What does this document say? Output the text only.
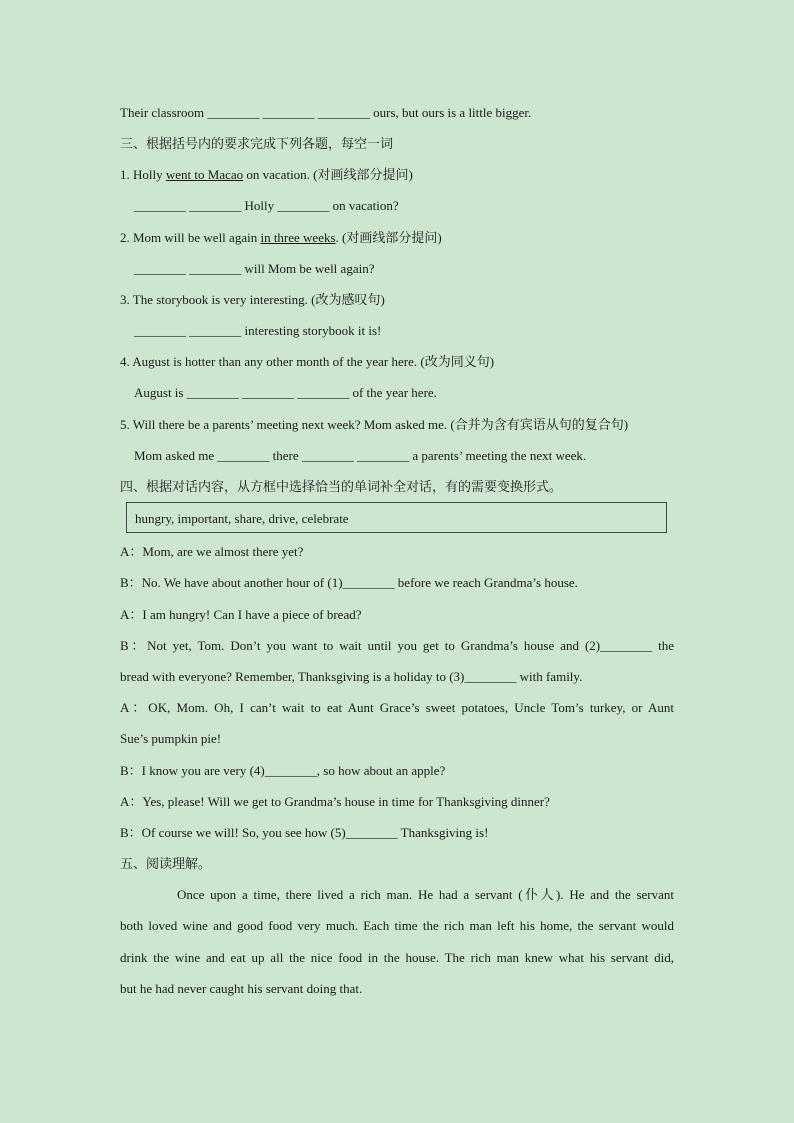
Their classroom ________ ________ ________ ours, but ours is a little bigger.
三、根据括号内的要求完成下列各题，每空一词
1. Holly went to Macao on vacation. (对画线部分提问)
________ ________ Holly ________ on vacation?
2. Mom will be well again in three weeks. (对画线部分提问)
________ ________ will Mom be well again?
3. The storybook is very interesting. (改为感叹句)
________ ________ interesting storybook it is!
4. August is hotter than any other month of the year here. (改为同义句)
August is ________ ________ ________ of the year here.
5. Will there be a parents’ meeting next week? Mom asked me. (合并为含有宾语从句的复合句)
Mom asked me ________ there ________ ________ a parents’ meeting the next week.
四、根据对话内容，从方框中选择恰当的单词补全对话，有的需要变换形式。
hungry, important, share, drive, celebrate
A：Mom, are we almost there yet?
B：No. We have about another hour of (1)________ before we reach Grandma’s house.
A：I am hungry! Can I have a piece of bread?
B：Not yet, Tom. Don’t you want to wait until you get to Grandma’s house and (2)________ the
bread with everyone? Remember, Thanksgiving is a holiday to (3)________ with family.
A：OK, Mom. Oh, I can’t wait to eat Aunt Grace’s sweet potatoes, Uncle Tom’s turkey, or Aunt
Sue’s pumpkin pie!
B：I know you are very (4)________, so how about an apple?
A：Yes, please! Will we get to Grandma’s house in time for Thanksgiving dinner?
B：Of course we will! So, you see how (5)________ Thanksgiving is!
五、阅读理解。
Once upon a time, there lived a rich man. He had a servant (仆人). He and the servant
both loved wine and good food very much. Each time the rich man left his home, the servant would
drink the wine and eat up all the nice food in the house. The rich man knew what his servant did,
but he had never caught his servant doing that.
